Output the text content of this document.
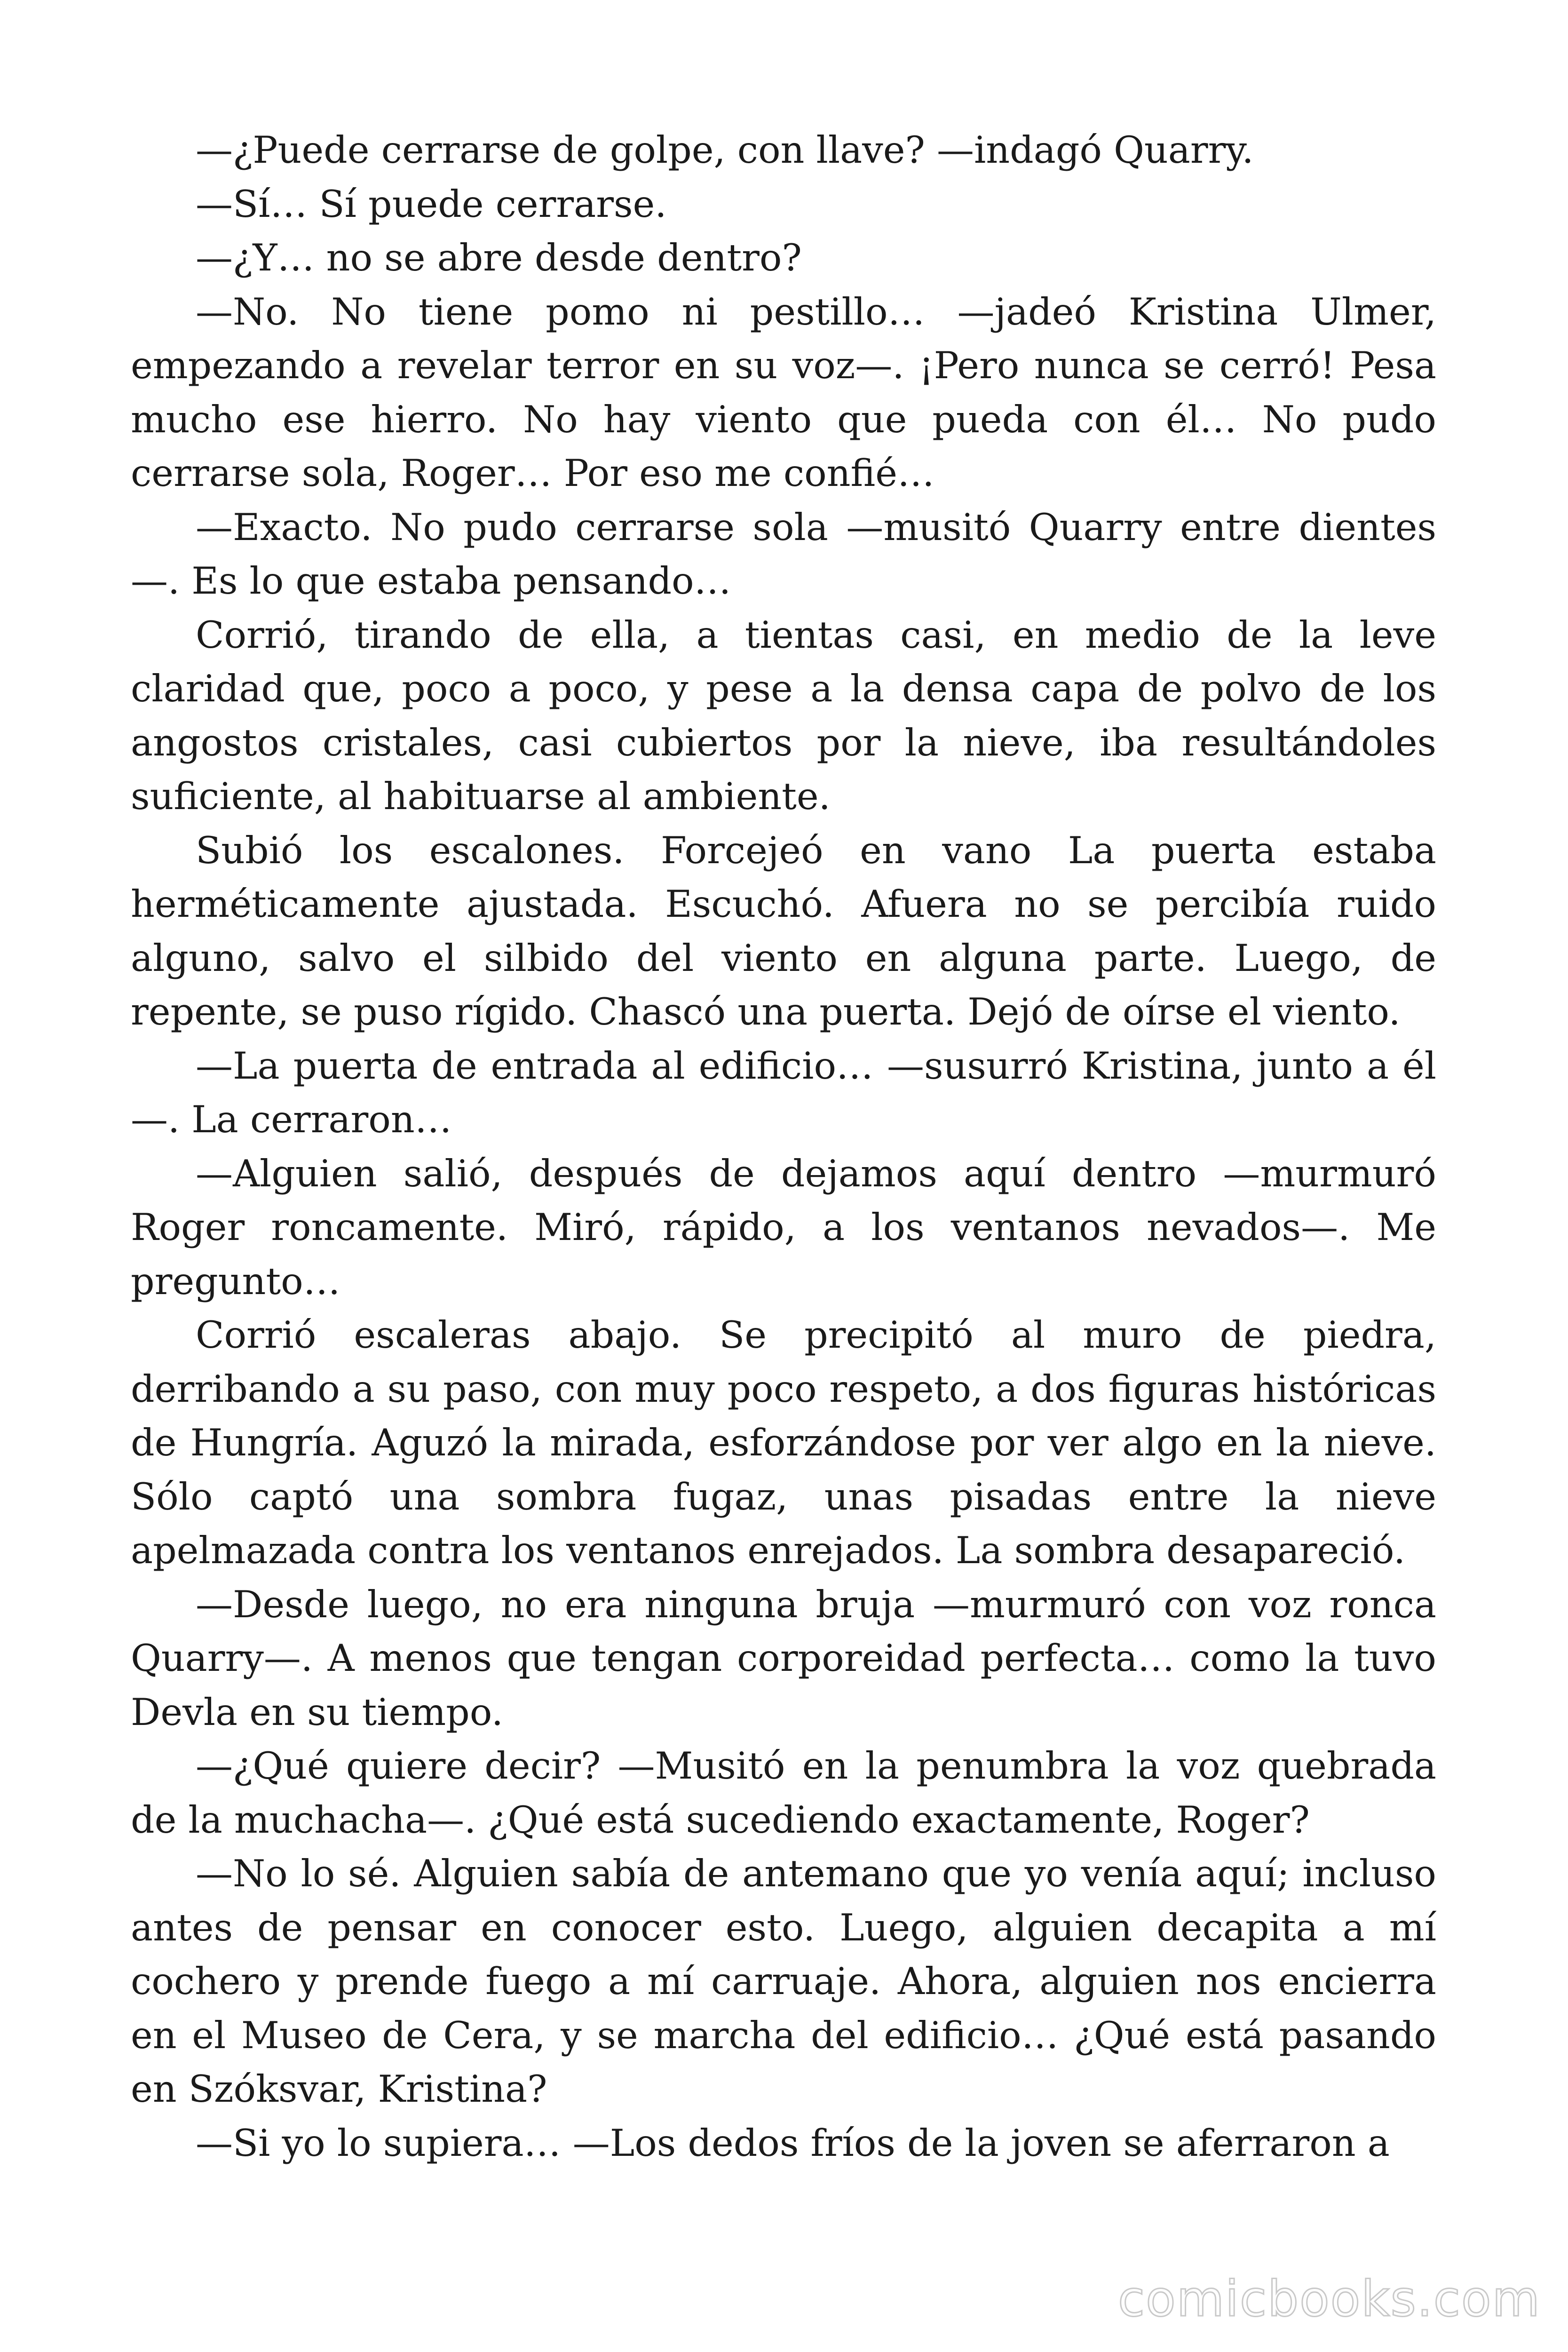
—¿Puede cerrarse de golpe, con llave? —indagó Quarry.

—Sí… Sí puede cerrarse.

—¿Y… no se abre desde dentro?

—No. No tiene pomo ni pestillo… —jadeó Kristina Ulmer, empezando a revelar terror en su voz—. ¡Pero nunca se cerró! Pesa mucho ese hierro. No hay viento que pueda con él… No pudo cerrarse sola, Roger… Por eso me confié…

—Exacto. No pudo cerrarse sola —musitó Quarry entre dientes —. Es lo que estaba pensando…

Corrió, tirando de ella, a tientas casi, en medio de la leve claridad que, poco a poco, y pese a la densa capa de polvo de los angostos cristales, casi cubiertos por la nieve, iba resultándoles suficiente, al habituarse al ambiente.

Subió los escalones. Forcejeó en vano La puerta estaba herméticamente ajustada. Escuchó. Afuera no se percibía ruido alguno, salvo el silbido del viento en alguna parte. Luego, de repente, se puso rígido. Chascó una puerta. Dejó de oírse el viento.

—La puerta de entrada al edificio… —susurró Kristina, junto a él—. La cerraron…

—Alguien salió, después de dejamos aquí dentro —murmuró Roger roncamente. Miró, rápido, a los ventanos nevados—. Me pregunto…

Corrió escaleras abajo. Se precipitó al muro de piedra, derribando a su paso, con muy poco respeto, a dos figuras históricas de Hungría. Aguzó la mirada, esforzándose por ver algo en la nieve. Sólo captó una sombra fugaz, unas pisadas entre la nieve apelmazada contra los ventanos enrejados. La sombra desapareció.

—Desde luego, no era ninguna bruja —murmuró con voz ronca Quarry—. A menos que tengan corporeidad perfecta… como la tuvo Devla en su tiempo.

—¿Qué quiere decir? —Musitó en la penumbra la voz quebrada de la muchacha—. ¿Qué está sucediendo exactamente, Roger?

—No lo sé. Alguien sabía de antemano que yo venía aquí; incluso antes de pensar en conocer esto. Luego, alguien decapita a mí cochero y prende fuego a mí carruaje. Ahora, alguien nos encierra en el Museo de Cera, y se marcha del edificio… ¿Qué está pasando en Szóksvar, Kristina?

—Si yo lo supiera… —Los dedos fríos de la joven se aferraron a

comicbooks.com
